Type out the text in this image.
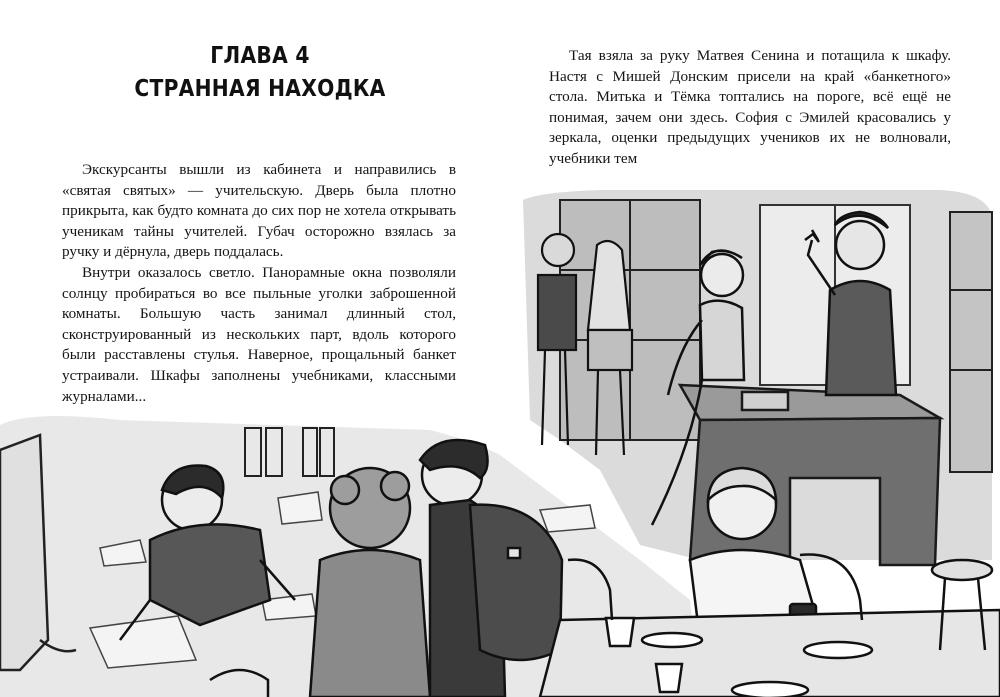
ГЛАВА 4
СТРАННАЯ НАХОДКА

Экскурсанты вышли из кабинета и направились в «святая святых» — учительскую. Дверь была плотно прикрыта, как будто комната до сих пор не хотела открывать ученикам тайны учителей. Губач осторожно взялась за ручку и дёрнула, дверь поддалась.

Внутри оказалось светло. Панорамные окна позволяли солнцу пробираться во все пыльные уголки заброшенной комнаты. Большую часть занимал длинный стол, сконструированный из нескольких парт, вдоль которого были расставлены стулья. Наверное, прощальный банкет устраивали. Шкафы заполнены учебниками, классными журналами...

Тая взяла за руку Матвея Сенина и потащила к шкафу. Настя с Мишей Донским присели на край «банкетного» стола. Митька и Тёмка топтались на пороге, всё ещё не понимая, зачем они здесь. София с Эмилей красовались у зеркала, оценки предыдущих учеников их не волновали, учебники тем
